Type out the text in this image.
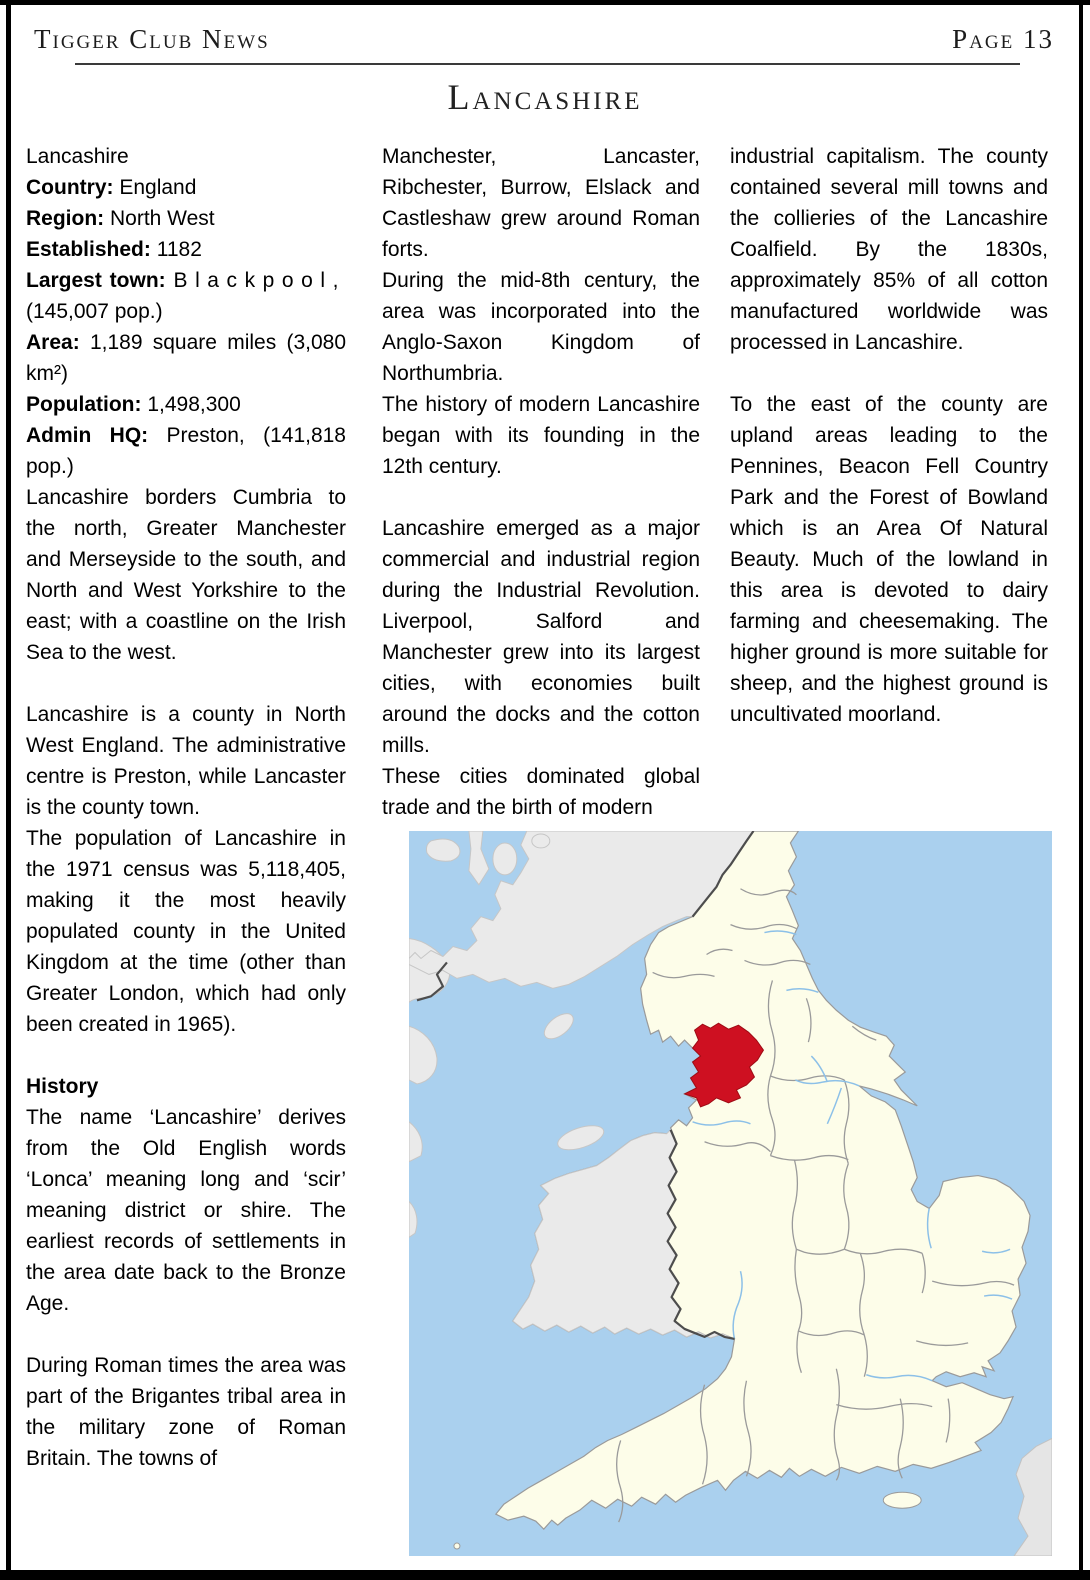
Tigger Club News	Page 13
Lancashire

Lancashire

Country: England

Region: North West

Established: 1182

Largest town: Blackpool, (145,007 pop.)

Area: 1,189 square miles (3,080 km²)

Population: 1,498,300

Admin HQ: Preston, (141,818 pop.)

Lancashire borders Cumbria to the north, Greater Manchester and Merseyside to the south, and North and West Yorkshire to the east; with a coastline on the Irish Sea to the west.

Lancashire is a county in North West England. The administrative centre is Preston, while Lancaster is the county town.

The population of Lancashire in the 1971 census was 5,118,405, making it the most heavily populated county in the United Kingdom at the time (other than Greater London, which had only been created in 1965).

History

The name ‘Lancashire’ derives from the Old English words ‘Lonca’ meaning long and ‘scir’ meaning district or shire. The earliest records of settlements in the area date back to the Bronze Age.

During Roman times the area was part of the Brigantes tribal area in the military zone of Roman Britain. The towns of

Manchester, Lancaster, Ribchester, Burrow, Elslack and Castleshaw grew around Roman forts.

During the mid-8th century, the area was incorporated into the Anglo-Saxon Kingdom of Northumbria.

The history of modern Lancashire began with its founding in the 12th century.

Lancashire emerged as a major commercial and industrial region during the Industrial Revolution. Liverpool, Salford and Manchester grew into its largest cities, with economies built around the docks and the cotton mills.

These cities dominated global trade and the birth of modern

industrial capitalism. The county contained several mill towns and the collieries of the Lancashire Coalfield. By the 1830s, approximately 85% of all cotton manufactured worldwide was processed in Lancashire.

To the east of the county are upland areas leading to the Pennines, Beacon Fell Country Park and the Forest of Bowland which is an Area Of Natural Beauty. Much of the lowland in this area is devoted to dairy farming and cheesemaking. The higher ground is more suitable for sheep, and the highest ground is uncultivated moorland.
